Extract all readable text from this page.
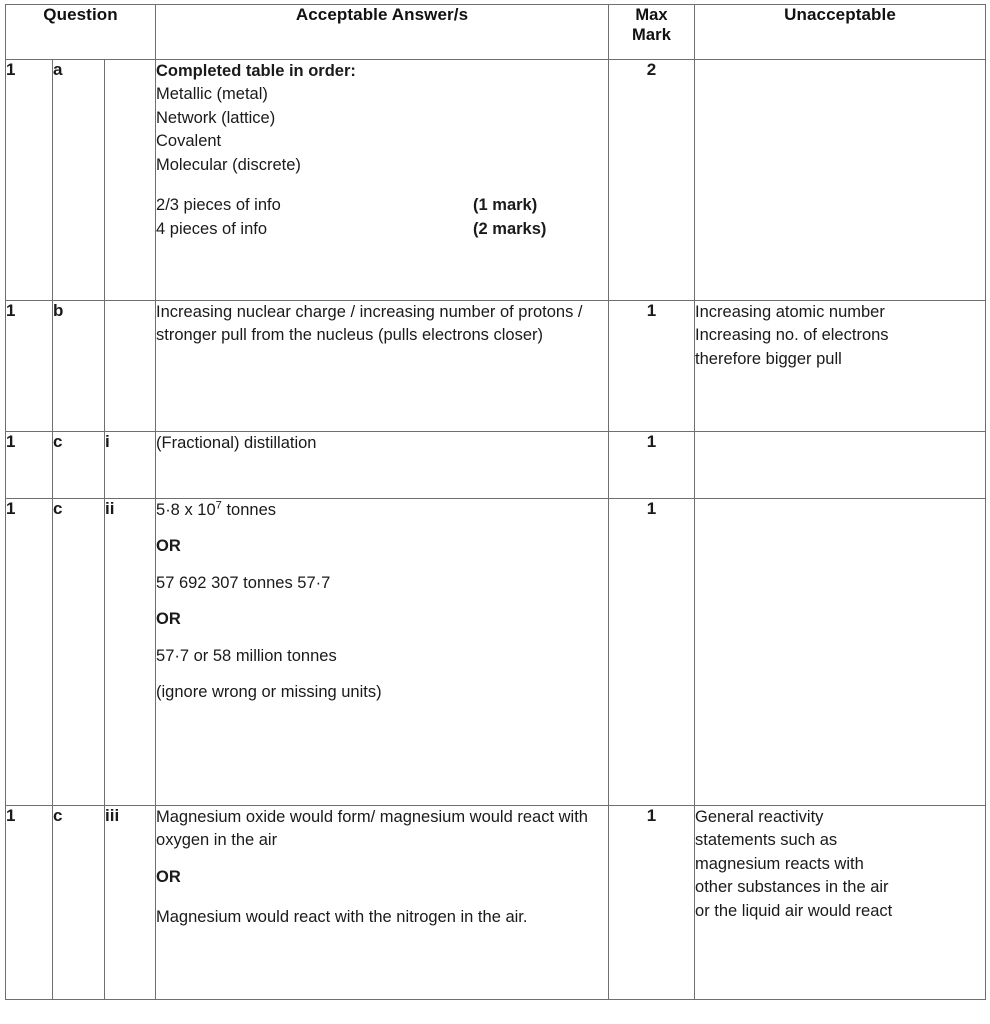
Question			Acceptable Answer/s	Max
Mark	Unacceptable
1	a		Completed table in order:
Metallic (metal)
Network (lattice)
Covalent
Molecular (discrete)
2/3 pieces of info	(1 mark)
4 pieces of info	(2 marks)
	2	
1	b		Increasing nuclear charge / increasing number of protons / stronger pull from the nucleus (pulls electrons closer)	1	Increasing atomic number
Increasing no. of electrons
therefore bigger pull

1	c	i	(Fractional) distillation	1	
1	c	ii	5·8 x $10^7$ tonnes
OR
57 692 307 tonnes 57·7
OR
57·7 or 58 million tonnes
(ignore wrong or missing units)
	1	
1	c	iii	Magnesium oxide would form/ magnesium would react with oxygen in the air
OR
Magnesium would react with the nitrogen in the air.	1	General reactivity
statements such as
magnesium reacts with
other substances in the air
or the liquid air would react
